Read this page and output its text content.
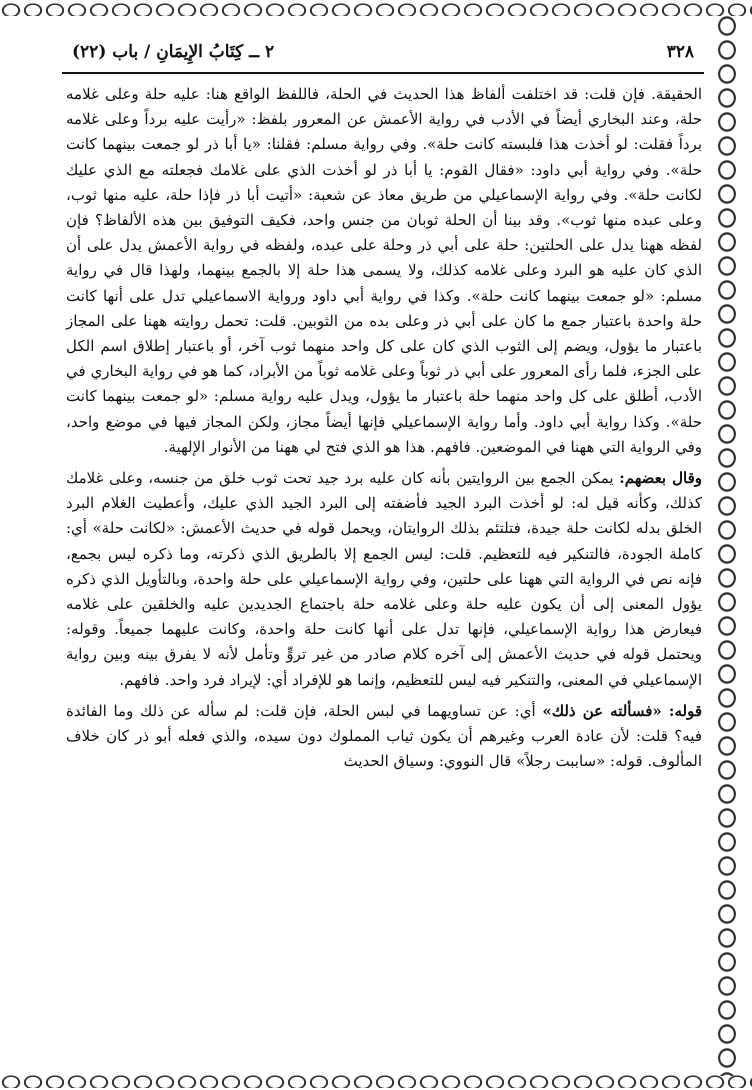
٣٢٨
٢ ــ كِتَابُ الإِيمَانِ / باب (٢٢)

الحقيقة. فإن قلت: قد اختلفت ألفاظ هذا الحديث في الحلة، فاللفظ الواقع هنا: عليه حلة وعلى غلامه حلة، وعند البخاري أيضاً في الأدب في رواية الأعمش عن المعرور بلفظ: «رأيت عليه برداً وعلى غلامه برداً فقلت: لو أخذت هذا فلبسته كانت حلة». وفي رواية مسلم: فقلنا: «يا أبا ذر لو جمعت بينهما كانت حلة». وفي رواية أبي داود: «فقال القوم: يا أبا ذر لو أخذت الذي على غلامك فجعلته مع الذي عليك لكانت حلة». وفي رواية الإسماعيلي من طريق معاذ عن شعبة: «أتيت أبا ذر فإذا حلة، عليه منها ثوب، وعلى عبده منها ثوب». وقد بينا أن الحلة ثوبان من جنس واحد، فكيف التوفيق بين هذه الألفاظ؟ فإن لفظه ههنا يدل على الحلتين: حلة على أبي ذر وحلة على عبده، ولفظه في رواية الأعمش يدل على أن الذي كان عليه هو البرد وعلى غلامه كذلك، ولا يسمى هذا حلة إلا بالجمع بينهما، ولهذا قال في رواية مسلم: «لو جمعت بينهما كانت حلة». وكذا في رواية أبي داود ورواية الاسماعيلي تدل على أنها كانت حلة واحدة باعتبار جمع ما كان على أبي ذر وعلى بده من الثوبين. قلت: تحمل روايته ههنا على المجاز باعتبار ما يؤول، ويضم إلى الثوب الذي كان على كل واحد منهما ثوب آخر، أو باعتبار إطلاق اسم الكل على الجزء، فلما رأى المعرور على أبي ذر ثوباً وعلى غلامه ثوباً من الأبراد، كما هو في رواية البخاري في الأدب، أطلق على كل واحد منهما حلة باعتبار ما يؤول، ويدل عليه رواية مسلم: «لو جمعت بينهما كانت حلة». وكذا رواية أبي داود. وأما رواية الإسماعيلي فإنها أيضاً مجاز، ولكن المجاز فيها في موضع واحد، وفي الرواية التي ههنا في الموضعين. فافهم. هذا هو الذي فتح لي ههنا من الأنوار الإلهية.

وقال بعضهم: يمكن الجمع بين الروايتين بأنه كان عليه برد جيد تحت ثوب خلق من جنسه، وعلى غلامك كذلك، وكأنه قيل له: لو أخذت البرد الجيد فأضفته إلى البرد الجيد الذي عليك، وأعطيت الغلام البرد الخلق بدله لكانت حلة جيدة، فتلتئم بذلك الروايتان، ويحمل قوله في حديث الأعمش: «لكانت حلة» أي: كاملة الجودة، فالتنكير فيه للتعظيم. قلت: ليس الجمع إلا بالطريق الذي ذكرته، وما ذكره ليس بجمع، فإنه نص في الرواية التي ههنا على حلتين، وفي رواية الإسماعيلي على حلة واحدة، وبالتأويل الذي ذكره يؤول المعنى إلى أن يكون عليه حلة وعلى غلامه حلة باجتماع الجديدين عليه والخلقين على غلامه فيعارض هذا رواية الإسماعيلي، فإنها تدل على أنها كانت حلة واحدة، وكانت عليهما جميعاً. وقوله: ويحتمل قوله في حديث الأعمش إلى آخره كلام صادر من غير تروٍّ وتأمل لأنه لا يفرق بينه وبين رواية الإسماعيلي في المعنى، والتنكير فيه ليس للتعظيم، وإنما هو للإفراد أي: لإيراد فرد واحد. فافهم.

قوله: «فسألته عن ذلك» أي: عن تساويهما في لبس الحلة، فإن قلت: لم سأله عن ذلك وما الفائدة فيه؟ قلت: لأن عادة العرب وغيرهم أن يكون ثياب المملوك دون سيده، والذي فعله أبو ذر كان خلاف المألوف. قوله: «ساببت رجلاً» قال النووي: وسياق الحديث
